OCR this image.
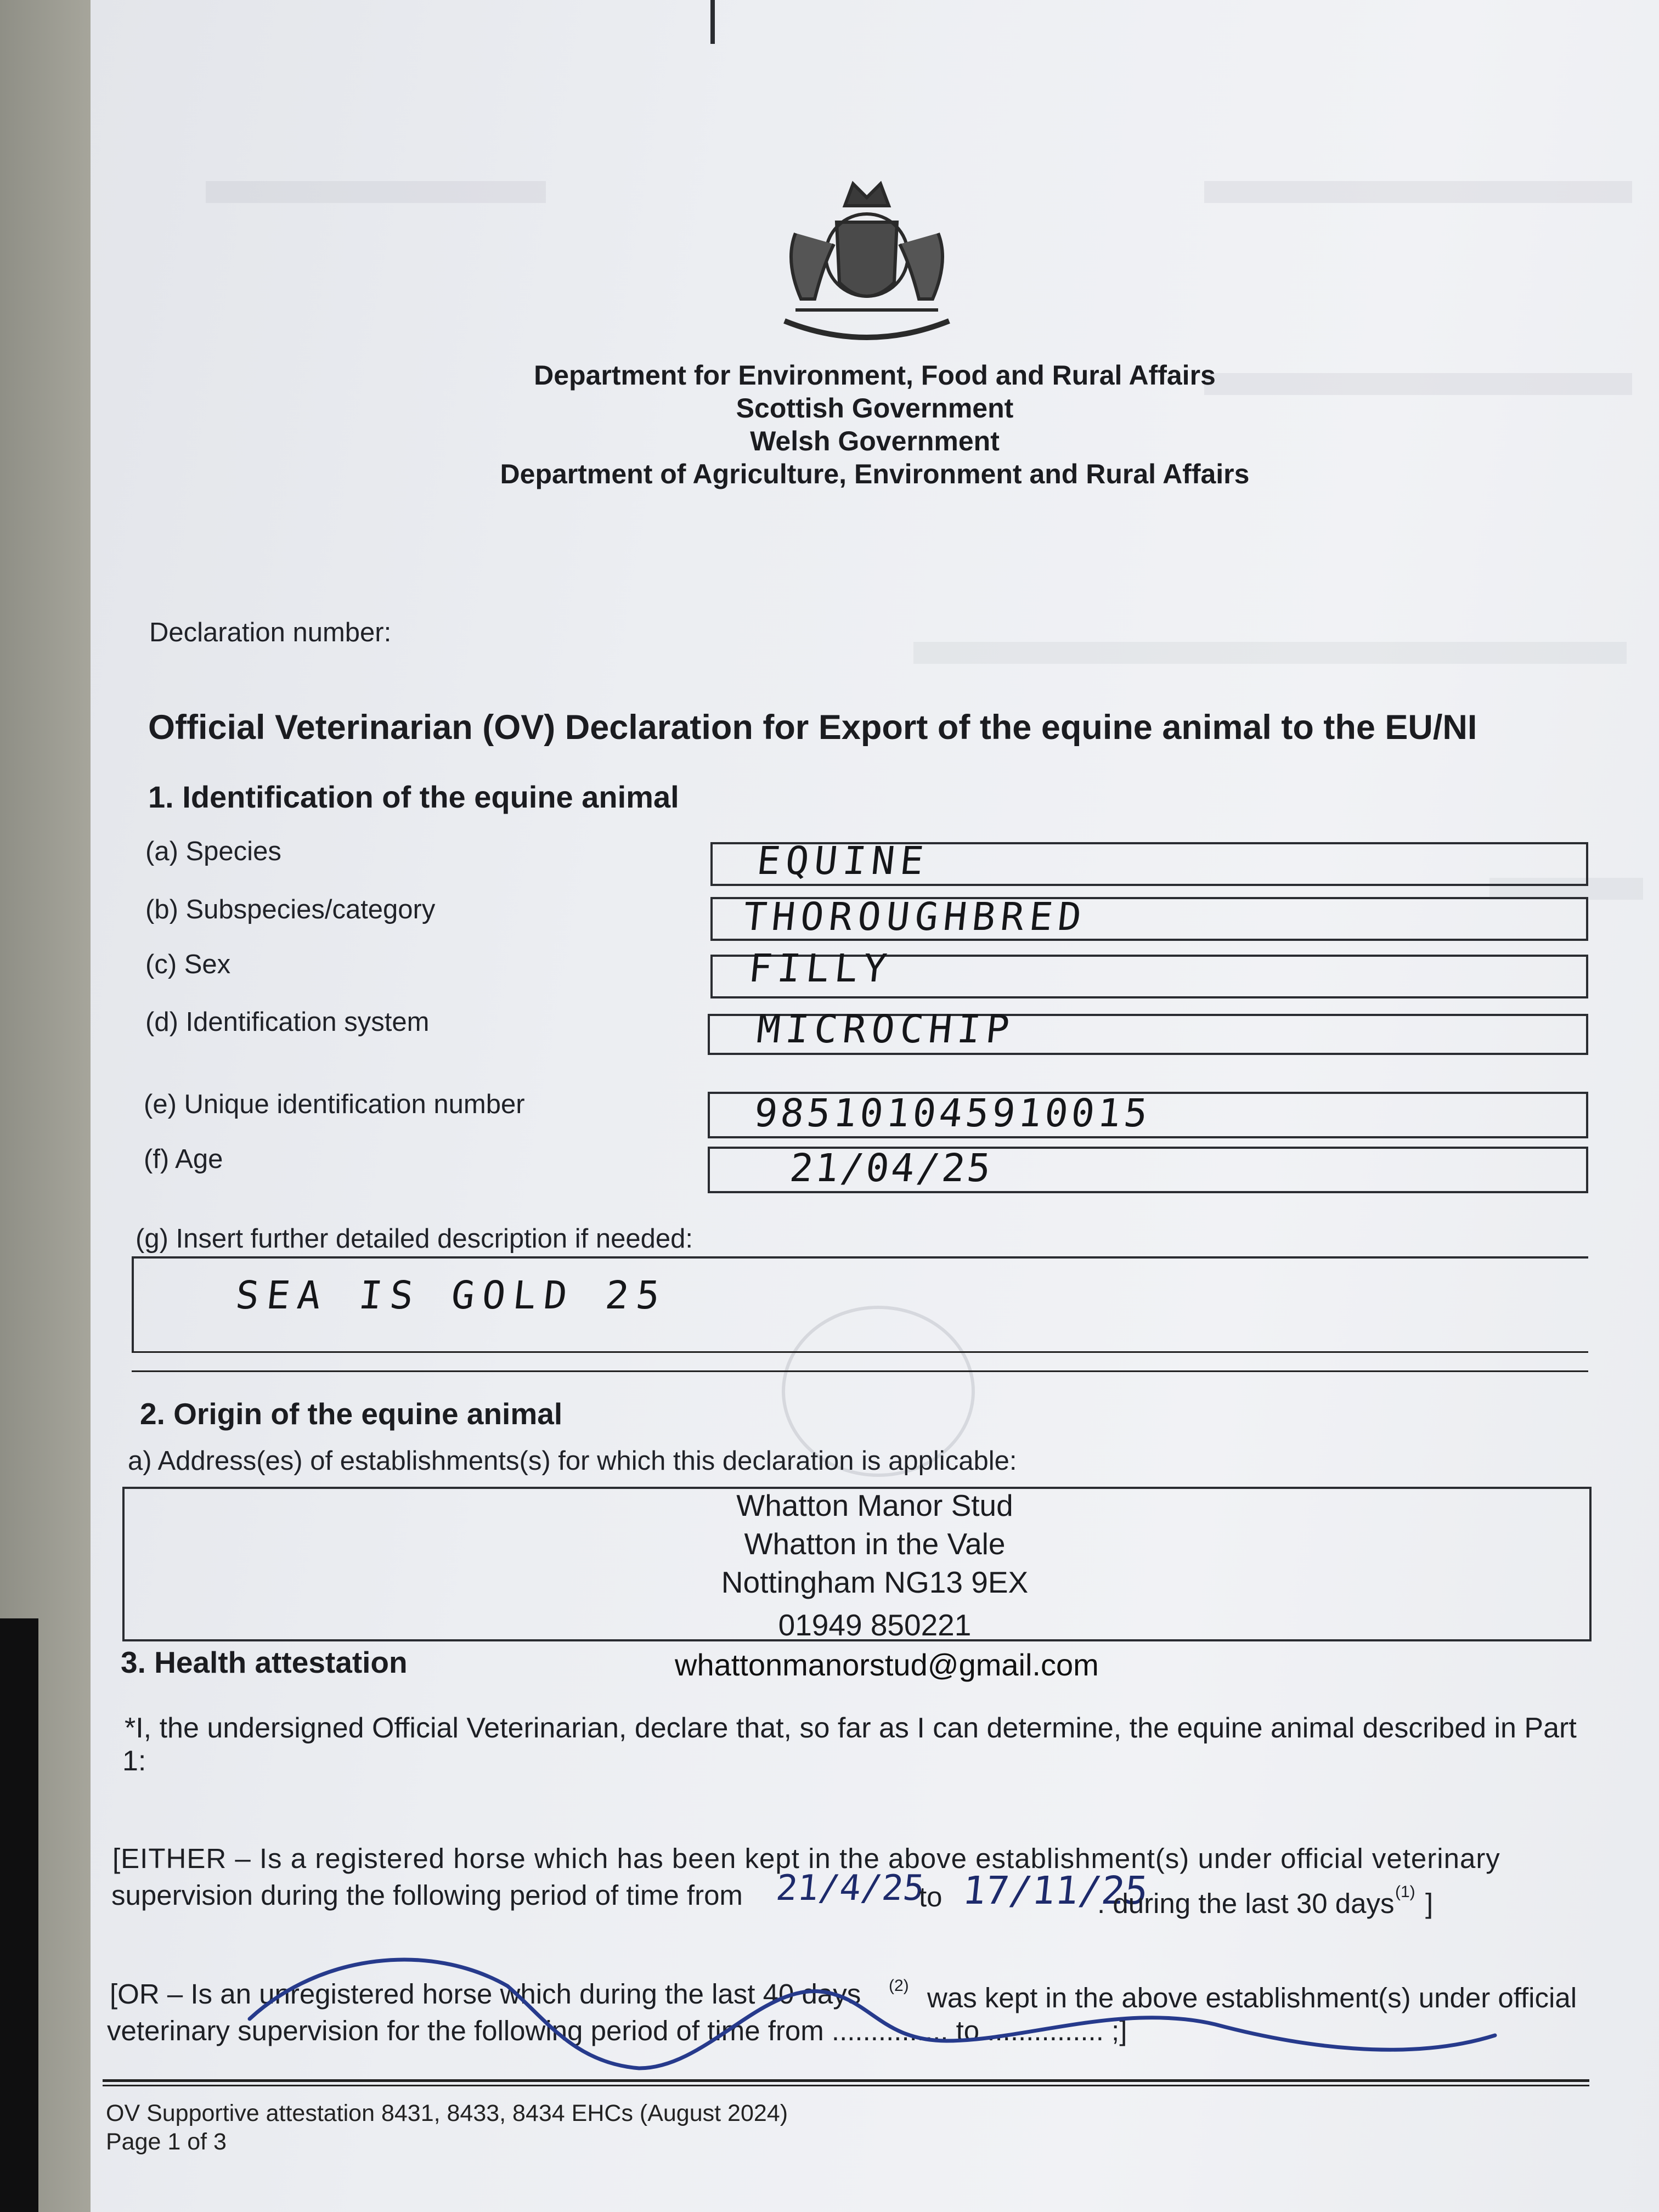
Department for Environment, Food and Rural Affairs
Scottish Government
Welsh Government
Department of Agriculture, Environment and Rural Affairs
Declaration number:
Official Veterinarian (OV) Declaration for Export of the equine animal to the EU/NI
1. Identification of the equine animal
(a) Species	EQUINE
(b) Subspecies/category	THOROUGHBRED
(c) Sex	FILLY
(d) Identification system	MICROCHIP
(e) Unique identification number	985101045910015
(f) Age	21/04/25
(g) Insert further detailed description if needed:
SEA IS GOLD 25
2. Origin of the equine animal
a) Address(es) of establishments(s) for which this declaration is applicable:
Whatton Manor Stud
Whatton in the Vale
Nottingham NG13 9EX
01949 850221
3. Health attestation	whattonmanorstud@gmail.com
*I, the undersigned Official Veterinarian, declare that, so far as I can determine, the equine animal described in Part
1:
[EITHER – Is a registered horse which has been kept in the above establishment(s) under official veterinary
supervision during the following period of time from 21/4/25
to 17/11/25
. during the last 30 days (1) ]
[OR – Is an unregistered horse which during the last 40 days (2) was kept in the above establishment(s) under official
veterinary supervision for the following period of time from ............... to ............... ;]
OV Supportive attestation 8431, 8433, 8434 EHCs (August 2024)
Page 1 of 3
